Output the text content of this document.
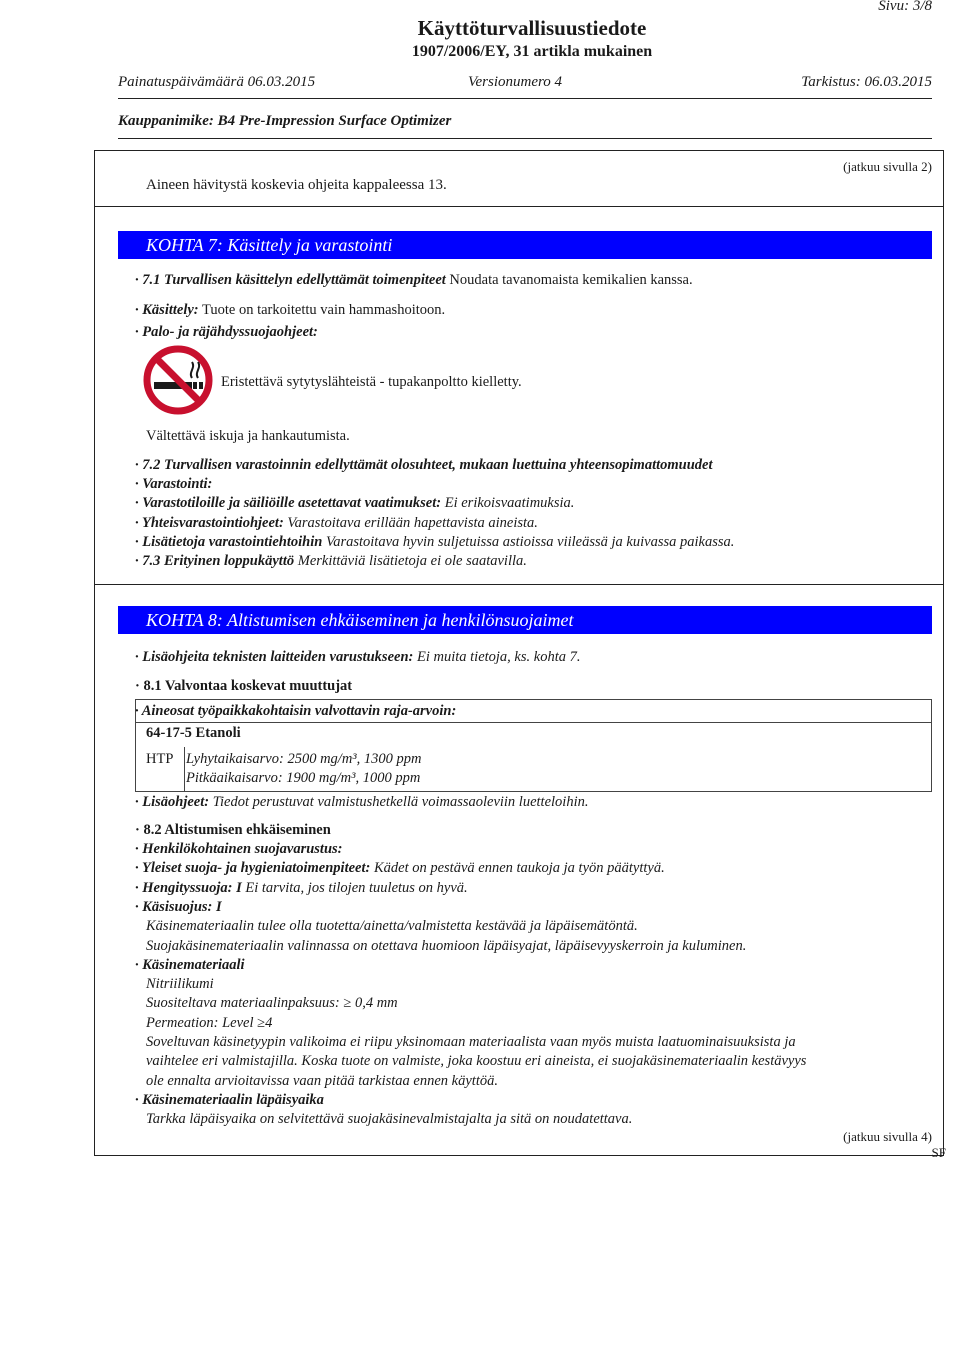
Sivu: 3/8
Käyttöturvallisuustiedote
1907/2006/EY, 31 artikla mukainen
Painatuspäivämäärä 06.03.2015	Versionumero 4	Tarkistus: 06.03.2015
Kauppanimike: B4 Pre-Impression Surface Optimizer
(jatkuu sivulla 2)
Aineen hävitystä koskevia ohjeita kappaleessa 13.
KOHTA 7: Käsittely ja varastointi
· 7.1 Turvallisen käsittelyn edellyttämät toimenpiteet Noudata tavanomaista kemikalien kanssa.
· Käsittely: Tuote on tarkoitettu vain hammashoitoon.
· Palo- ja räjähdyssuojaohjeet:
Eristettävä sytytyslähteistä - tupakanpoltto kielletty.
Vältettävä iskuja ja hankautumista.
· 7.2 Turvallisen varastoinnin edellyttämät olosuhteet, mukaan luettuina yhteensopimattomuudet
· Varastointi:
· Varastotiloille ja säiliöille asetettavat vaatimukset: Ei erikoisvaatimuksia.
· Yhteisvarastointiohjeet: Varastoitava erillään hapettavista aineista.
· Lisätietoja varastointiehtoihin Varastoitava hyvin suljetuissa astioissa viileässä ja kuivassa paikassa.
· 7.3 Erityinen loppukäyttö Merkittäviä lisätietoja ei ole saatavilla.
KOHTA 8: Altistumisen ehkäiseminen ja henkilönsuojaimet
· Lisäohjeita teknisten laitteiden varustukseen: Ei muita tietoja, ks. kohta 7.
· 8.1 Valvontaa koskevat muuttujat
· Aineosat työpaikkakohtaisin valvottavin raja-arvoin:
64-17-5 Etanoli
HTP Lyhytaikaisarvo: 2500 mg/m³, 1300 ppm
Pitkäaikaisarvo: 1900 mg/m³, 1000 ppm
· Lisäohjeet: Tiedot perustuvat valmistushetkellä voimassaoleviin luetteloihin.
· 8.2 Altistumisen ehkäiseminen
· Henkilökohtainen suojavarustus:
· Yleiset suoja- ja hygieniatoimenpiteet: Kädet on pestävä ennen taukoja ja työn päätyttyä.
· Hengityssuoja: I Ei tarvita, jos tilojen tuuletus on hyvä.
· Käsisuojus: I
Käsinemateriaalin tulee olla tuotetta/ainetta/valmistetta kestävää ja läpäisemätöntä.
Suojakäsinemateriaalin valinnassa on otettava huomioon läpäisyajat, läpäisevyyskerroin ja kuluminen.
· Käsinemateriaali
Nitriilikumi
Suositeltava materiaalinpaksuus: ≥ 0,4 mm
Permeation: Level ≥4
Soveltuvan käsinetyypin valikoima ei riipu yksinomaan materiaalista vaan myös muista laatuominaisuuksista ja
vaihtelee eri valmistajilla. Koska tuote on valmiste, joka koostuu eri aineista, ei suojakäsinemateriaalin kestävyys
ole ennalta arvioitavissa vaan pitää tarkistaa ennen käyttöä.
· Käsinemateriaalin läpäisyaika
Tarkka läpäisyaika on selvitettävä suojakäsinevalmistajalta ja sitä on noudatettava.
(jatkuu sivulla 4)
SF
